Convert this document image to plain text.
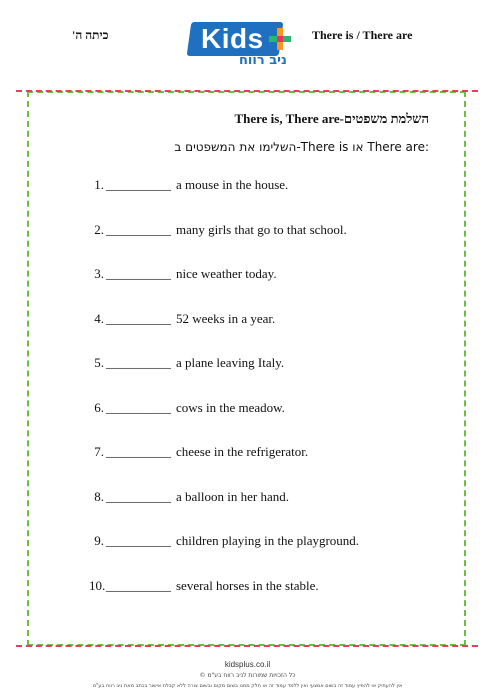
כיתה ה'	Kids
ניב רווח
There is / There are
There is, There are-השלמת משפטים
השלימו את המשפטים ב-There is או There are:
1. __________ a mouse in the house.
2. __________ many girls that go to that school.
3. __________ nice weather today.
4. __________ 52 weeks in a year.
5. __________ a plane leaving Italy.
6. __________ cows in the meadow.
7. __________ cheese in the refrigerator.
8. __________ a balloon in her hand.
9. __________ children playing in the playground.
10.__________ several horses in the stable.
kidsplus.co.il
© כל הזכויות שמורות לניב רווח בע"מ
אין להעתיק או להפיץ עמוד זה בשום אמצעי ואין ללמד עמוד זה או חלק ממנו בשום מקום ובשום צורה ללא קבלת אישור בכתב מאת ניב רווח בע"מ
